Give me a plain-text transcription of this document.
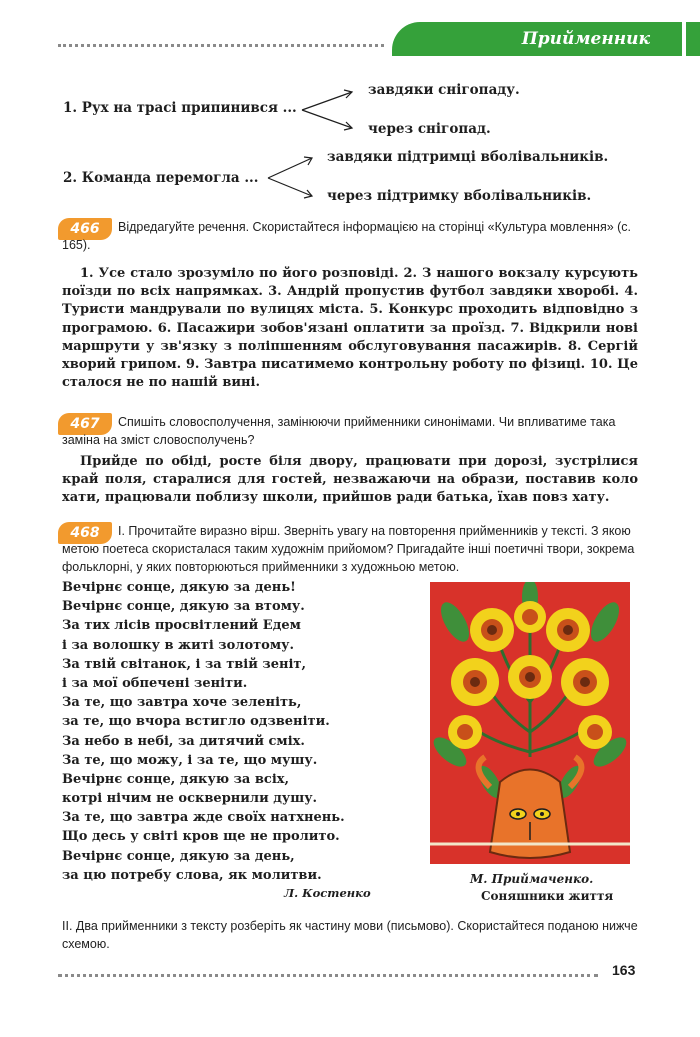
Прийменник
1. Рух на трасі припинився ...
завдяки снігопаду.
через снігопад.
2. Команда перемогла ...
завдяки підтримці вболівальників.
через підтримку вболівальників.
466	Відредагуйте речення. Скористайтеся інформацією на сторінці «Культура мовлення» (с. 165).
1. Усе стало зрозуміло по його розповіді. 2. З нашого вокзалу курсують поїзди по всіх напрямках. 3. Андрій пропустив футбол завдяки хворобі. 4. Туристи мандрували по вулицях міста. 5. Конкурс проходить відповідно з програмою. 6. Пасажири зобов'язані оплатити за проїзд. 7. Відкрили нові маршрути у зв'язку з поліпшенням обслуговування пасажирів. 8. Сергій хворий грипом. 9. Завтра писатимемо контрольну роботу по фізиці. 10. Це сталося не по нашій вині.
467	Спишіть словосполучення, замінюючи прийменники синонімами. Чи впливатиме така заміна на зміст словосполучень?
Прийде по обіді, росте біля двору, працювати при дорозі, зустрілися край поля, старалися для гостей, незважаючи на образи, поставив коло хати, працювали поблизу школи, прийшов ради батька, їхав повз хату.
468	І. Прочитайте виразно вірш. Зверніть увагу на повторення прийменників у тексті. З якою метою поетеса скористалася таким художнім прийомом? Пригадайте інші поетичні твори, зокрема фольклорні, у яких повторюються прийменники з художньою метою.
Вечірнє сонце, дякую за день!
Вечірнє сонце, дякую за втому.
За тих лісів просвітлений Едем
і за волошку в житі золотому.
За твій світанок, і за твій зеніт,
і за мої обпечені зеніти.
За те, що завтра хоче зеленіть,
за те, що вчора встигло одзвеніти.
За небо в небі, за дитячий сміх.
За те, що можу, і за те, що мушу.
Вечірнє сонце, дякую за всіх,
котрі нічим не осквернили душу.
За те, що завтра жде своїх натхнень.
Що десь у світі кров ще не пролито.
Вечірнє сонце, дякую за день,
за цю потребу слова, як молитви.
Л. Костенко
М. Приймаченко.
Соняшники життя
ІІ. Два прийменники з тексту розберіть як частину мови (письмово). Скористайтеся поданою нижче схемою.
163
